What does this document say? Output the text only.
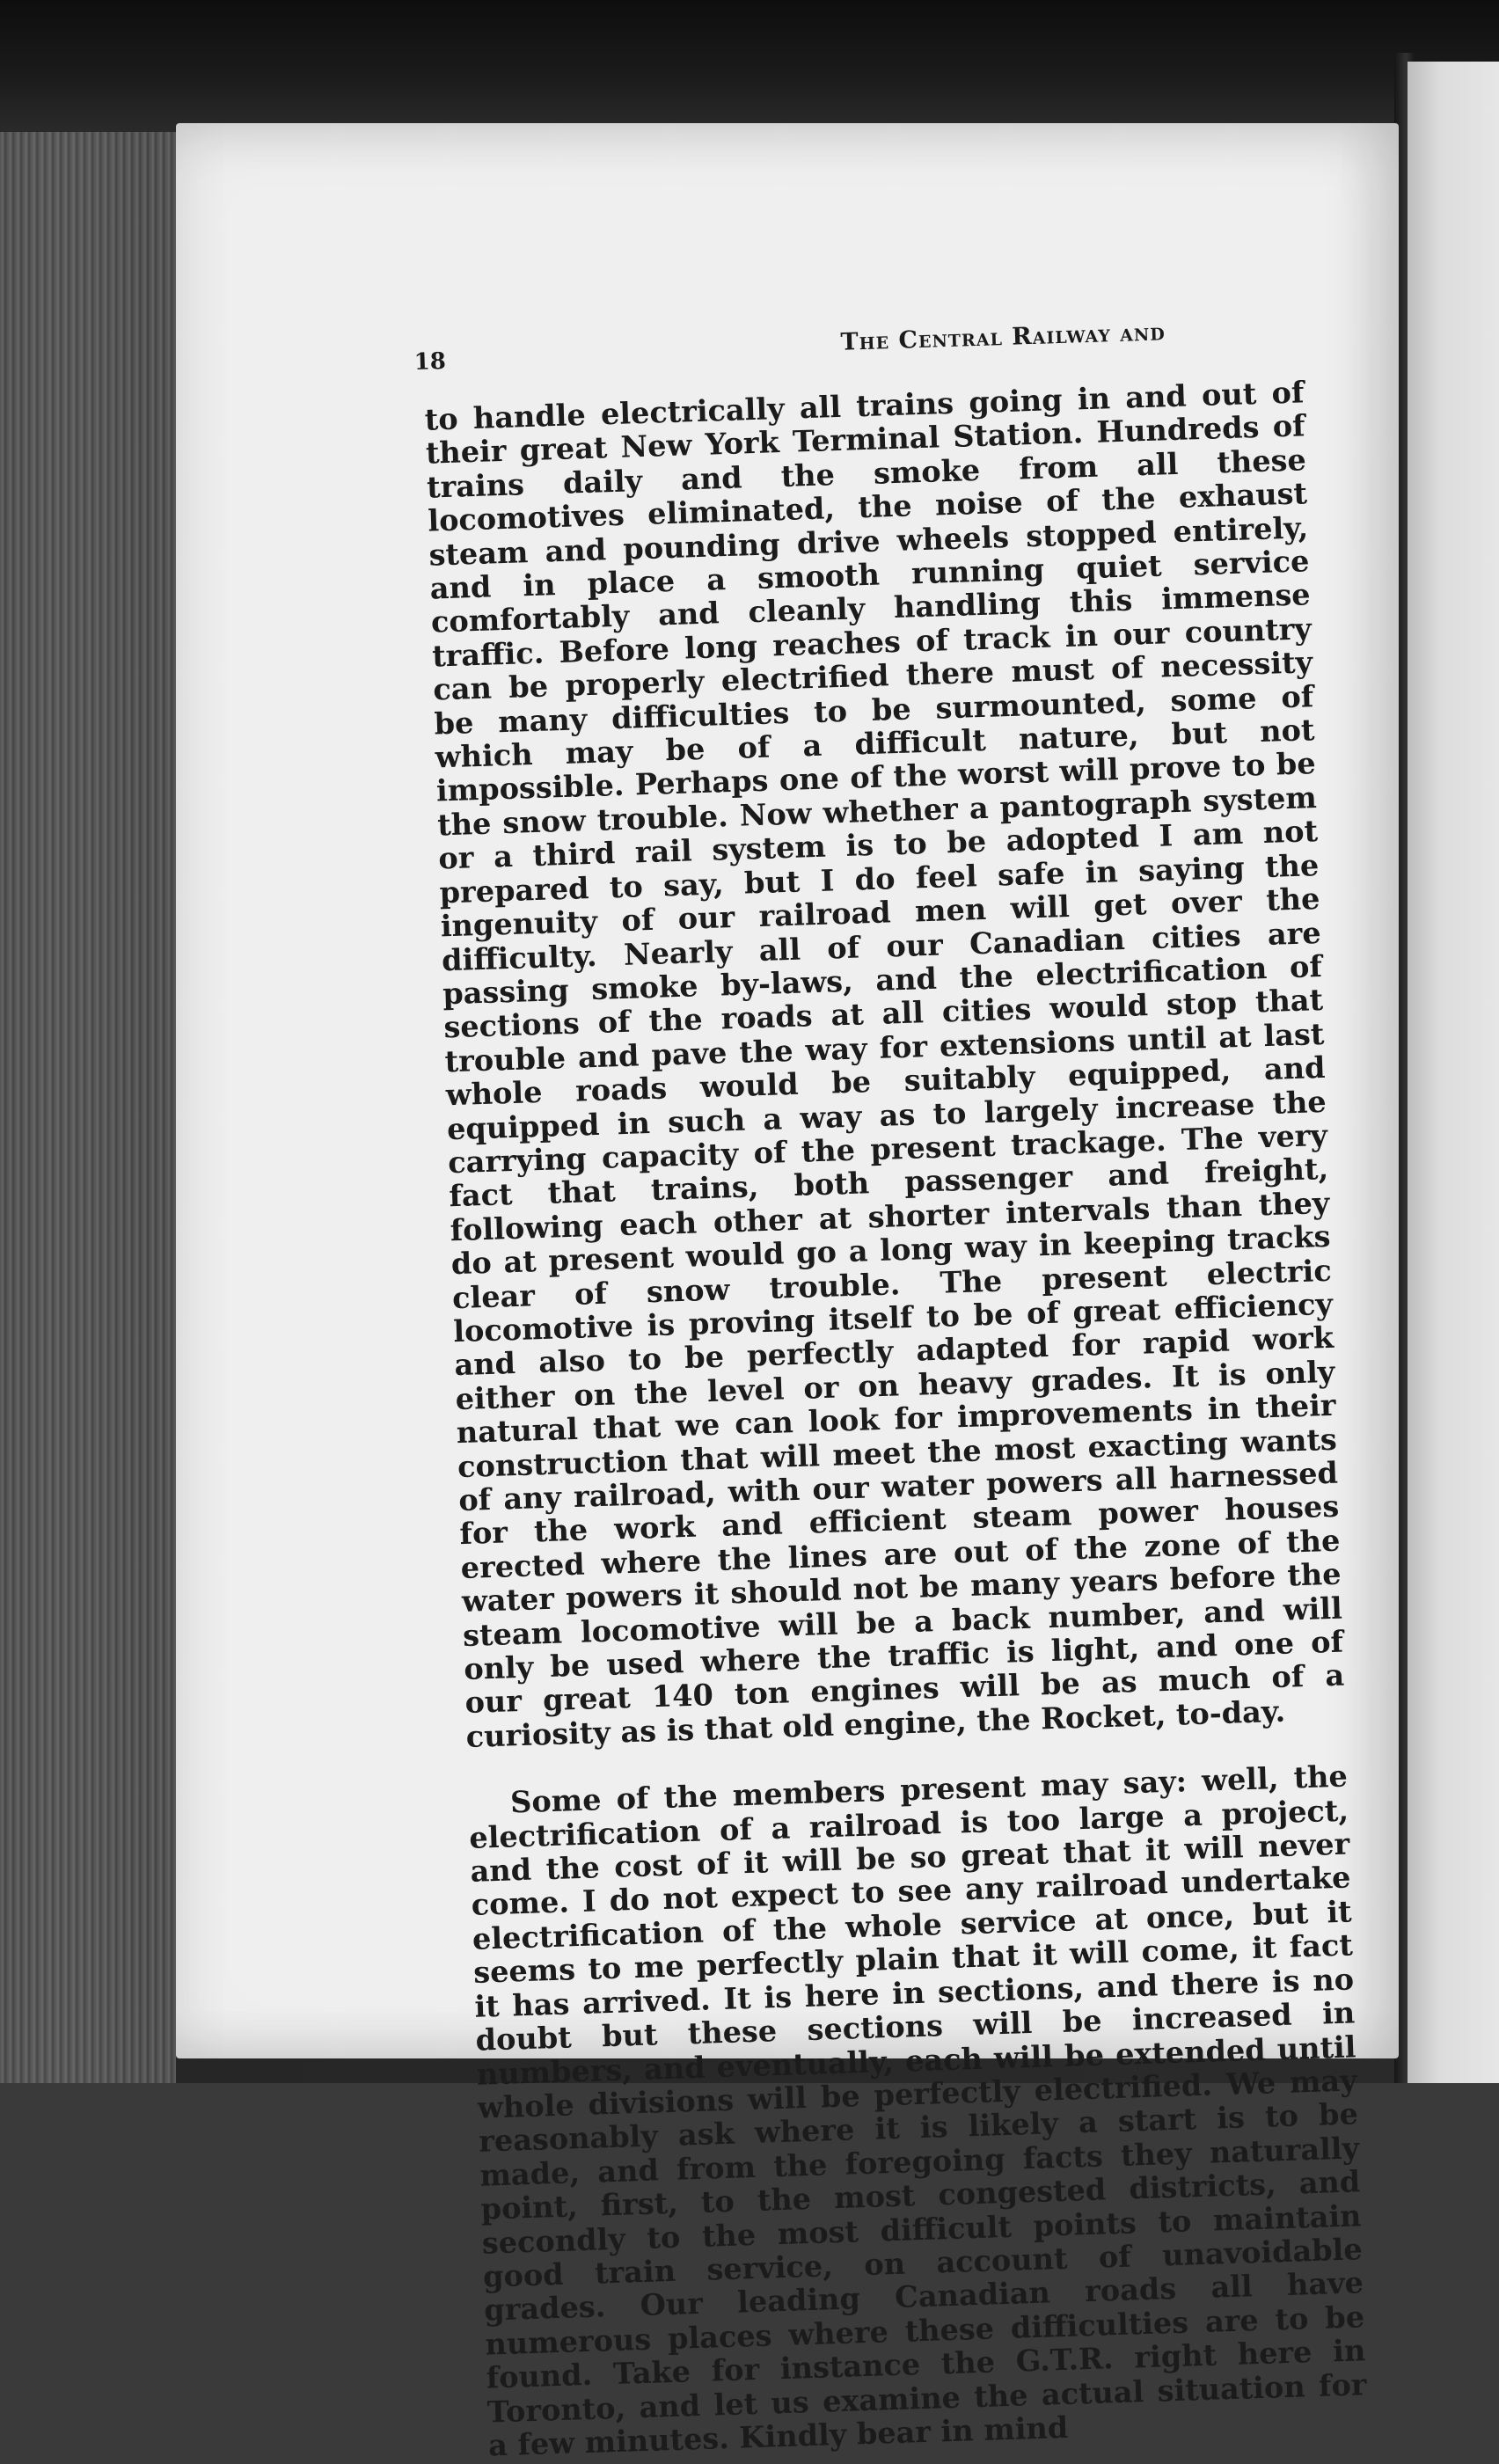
18
The Central Railway and

to handle electrically all trains going in and out of their great New York Terminal Station. Hundreds of trains daily and the smoke from all these locomotives eliminated, the noise of the exhaust steam and pounding drive wheels stopped entirely, and in place a smooth running quiet service comfortably and cleanly handling this immense traffic. Before long reaches of track in our country can be properly electrified there must of necessity be many difficulties to be surmounted, some of which may be of a difficult nature, but not impossible. Perhaps one of the worst will prove to be the snow trouble. Now whether a pantograph system or a third rail system is to be adopted I am not prepared to say, but I do feel safe in saying the ingenuity of our railroad men will get over the difficulty. Nearly all of our Canadian cities are passing smoke by-laws, and the electrification of sections of the roads at all cities would stop that trouble and pave the way for extensions until at last whole roads would be suitably equipped, and equipped in such a way as to largely increase the carrying capacity of the present trackage. The very fact that trains, both passenger and freight, following each other at shorter intervals than they do at present would go a long way in keeping tracks clear of snow trouble. The present electric locomotive is proving itself to be of great efficiency and also to be perfectly adapted for rapid work either on the level or on heavy grades. It is only natural that we can look for improvements in their construction that will meet the most exacting wants of any railroad, with our water powers all harnessed for the work and efficient steam power houses erected where the lines are out of the zone of the water powers it should not be many years before the steam locomotive will be a back number, and will only be used where the traffic is light, and one of our great 140 ton engines will be as much of a curiosity as is that old engine, the Rocket, to-day.

Some of the members present may say: well, the electrification of a railroad is too large a project, and the cost of it will be so great that it will never come. I do not expect to see any railroad undertake electrification of the whole service at once, but it seems to me perfectly plain that it will come, it fact it has arrived. It is here in sections, and there is no doubt but these sections will be increased in numbers, and eventually, each will be extended until whole divisions will be perfectly electrified. We may reasonably ask where it is likely a start is to be made, and from the foregoing facts they naturally point, first, to the most congested districts, and secondly to the most difficult points to maintain good train service, on account of unavoidable grades. Our leading Canadian roads all have numerous places where these difficulties are to be found. Take for instance the G.T.R. right here in Toronto, and let us examine the actual situation for a few minutes. Kindly bear in mind
